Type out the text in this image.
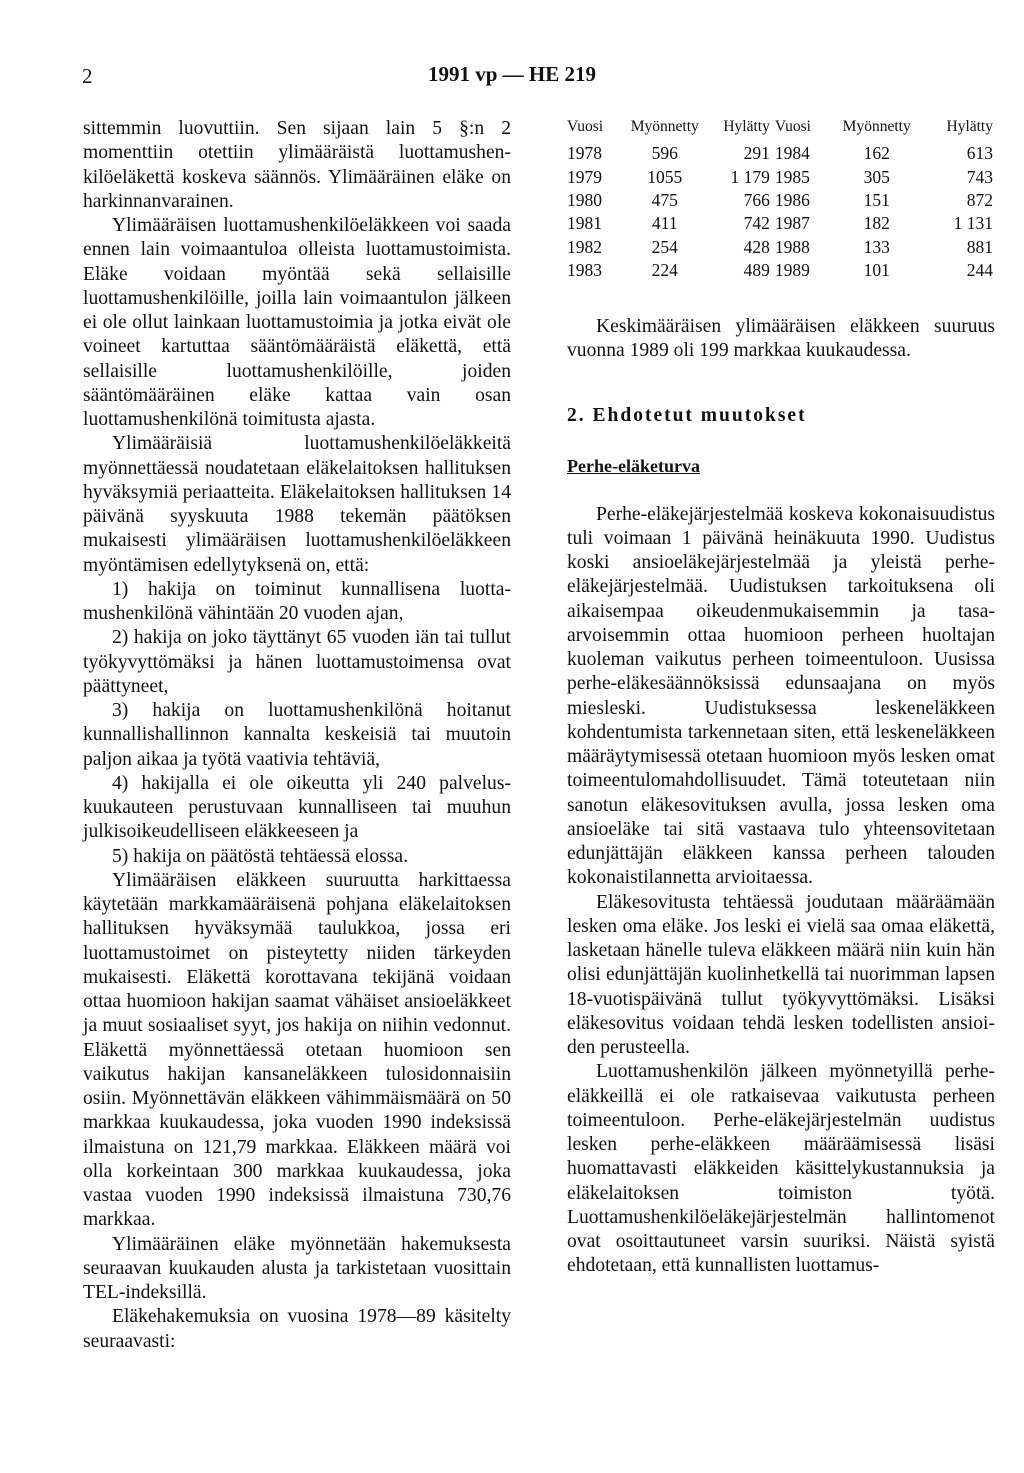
2	1991 vp — HE 219

sittemmin luovuttiin. Sen sijaan lain 5 §:n 2 momenttiin otettiin ylimääräistä luottamushenkilöeläkettä koskeva säännös. Ylimääräinen eläke on harkinnanvarainen.

Ylimääräisen luottamushenkilöeläkkeen voi saada ennen lain voimaantuloa olleista luottamustoimista. Eläke voidaan myöntää sekä sellaisille luottamushenkilöille, joilla lain voimaantulon jälkeen ei ole ollut lainkaan luottamustoimia ja jotka eivät ole voineet kartuttaa sääntömääräistä eläkettä, että sellaisille luottamushenkilöille, joiden sääntömääräinen eläke kattaa vain osan luottamushenkilönä toimitusta ajasta.

Ylimääräisiä luottamushenkilöeläkkeitä myönnettäessä noudatetaan eläkelaitoksen hallituksen hyväksymiä periaatteita. Eläkelaitoksen hallituksen 14 päivänä syyskuuta 1988 tekemän päätöksen mukaisesti ylimääräisen luottamushenkilöeläkkeen myöntämisen edellytyksenä on, että:

1) hakija on toiminut kunnallisena luottamushenkilönä vähintään 20 vuoden ajan,

2) hakija on joko täyttänyt 65 vuoden iän tai tullut työkyvyttömäksi ja hänen luottamustoimensa ovat päättyneet,

3) hakija on luottamushenkilönä hoitanut kunnallishallinnon kannalta keskeisiä tai muutoin paljon aikaa ja työtä vaativia tehtäviä,

4) hakijalla ei ole oikeutta yli 240 palveluskuukauteen perustuvaan kunnalliseen tai muuhun julkisoikeudelliseen eläkkeeseen ja

5) hakija on päätöstä tehtäessä elossa.

Ylimääräisen eläkkeen suuruutta harkittaessa käytetään markkamääräisenä pohjana eläkelaitoksen hallituksen hyväksymää taulukkoa, jossa eri luottamustoimet on pisteytetty niiden tärkeyden mukaisesti. Eläkettä korottavana tekijänä voidaan ottaa huomioon hakijan saamat vähäiset ansioeläkkeet ja muut sosiaaliset syyt, jos hakija on niihin vedonnut. Eläkettä myönnettäessä otetaan huomioon sen vaikutus hakijan kansaneläkkeen tulosidonnaisiin osiin. Myönnettävän eläkkeen vähimmäismäärä on 50 markkaa kuukaudessa, joka vuoden 1990 indeksissä ilmaistuna on 121,79 markkaa. Eläkkeen määrä voi olla korkeintaan 300 markkaa kuukaudessa, joka vastaa vuoden 1990 indeksissä ilmaistuna 730,76 markkaa.

Ylimääräinen eläke myönnetään hakemuksesta seuraavan kuukauden alusta ja tarkistetaan vuosittain TEL-indeksillä.

Eläkehakemuksia on vuosina 1978—89 käsitelty seuraavasti:

Vuosi	Myönnetty	Hylätty	Vuosi	Myönnetty	Hylätty
1978	596	291	1984	162	613
1979	1055	1 179	1985	305	743
1980	475	766	1986	151	872
1981	411	742	1987	182	1 131
1982	254	428	1988	133	881
1983	224	489	1989	101	244

Keskimääräisen ylimääräisen eläkkeen suuruus vuonna 1989 oli 199 markkaa kuukaudessa.

2. Ehdotetut muutokset

Perhe-eläketurva

Perhe-eläkejärjestelmää koskeva kokonaisuudistus tuli voimaan 1 päivänä heinäkuuta 1990. Uudistus koski ansioeläkejärjestelmää ja yleistä perhe-eläkejärjestelmää. Uudistuksen tarkoituksena oli aikaisempaa oikeudenmukaisemmin ja tasa-arvoisemmin ottaa huomioon perheen huoltajan kuoleman vaikutus perheen toimeentuloon. Uusissa perhe-eläkesäännöksissä edunsaajana on myös miesleski. Uudistuksessa leskeneläkkeen kohdentumista tarkennetaan siten, että leskeneläkkeen määräytymisessä otetaan huomioon myös lesken omat toimeentulomahdollisuudet. Tämä toteutetaan niin sanotun eläkesovituksen avulla, jossa lesken oma ansioeläke tai sitä vastaava tulo yhteensovitetaan edunjättäjän eläkkeen kanssa perheen talouden kokonaistilannetta arvioitaessa.

Eläkesovitusta tehtäessä joudutaan määräämään lesken oma eläke. Jos leski ei vielä saa omaa eläkettä, lasketaan hänelle tuleva eläkkeen määrä niin kuin hän olisi edunjättäjän kuolinhetkellä tai nuorimman lapsen 18-vuotispäivänä tullut työkyvyttömäksi. Lisäksi eläkesovitus voidaan tehdä lesken todellisten ansioiden perusteella.

Luottamushenkilön jälkeen myönnetyillä perhe-eläkkeillä ei ole ratkaisevaa vaikutusta perheen toimeentuloon. Perhe-eläkejärjestelmän uudistus lesken perhe-eläkkeen määräämisessä lisäsi huomattavasti eläkkeiden käsittelykustannuksia ja eläkelaitoksen toimiston työtä. Luottamushenkilöeläkejärjestelmän hallintomenot ovat osoittautuneet varsin suuriksi. Näistä syistä ehdotetaan, että kunnallisten luottamus-
